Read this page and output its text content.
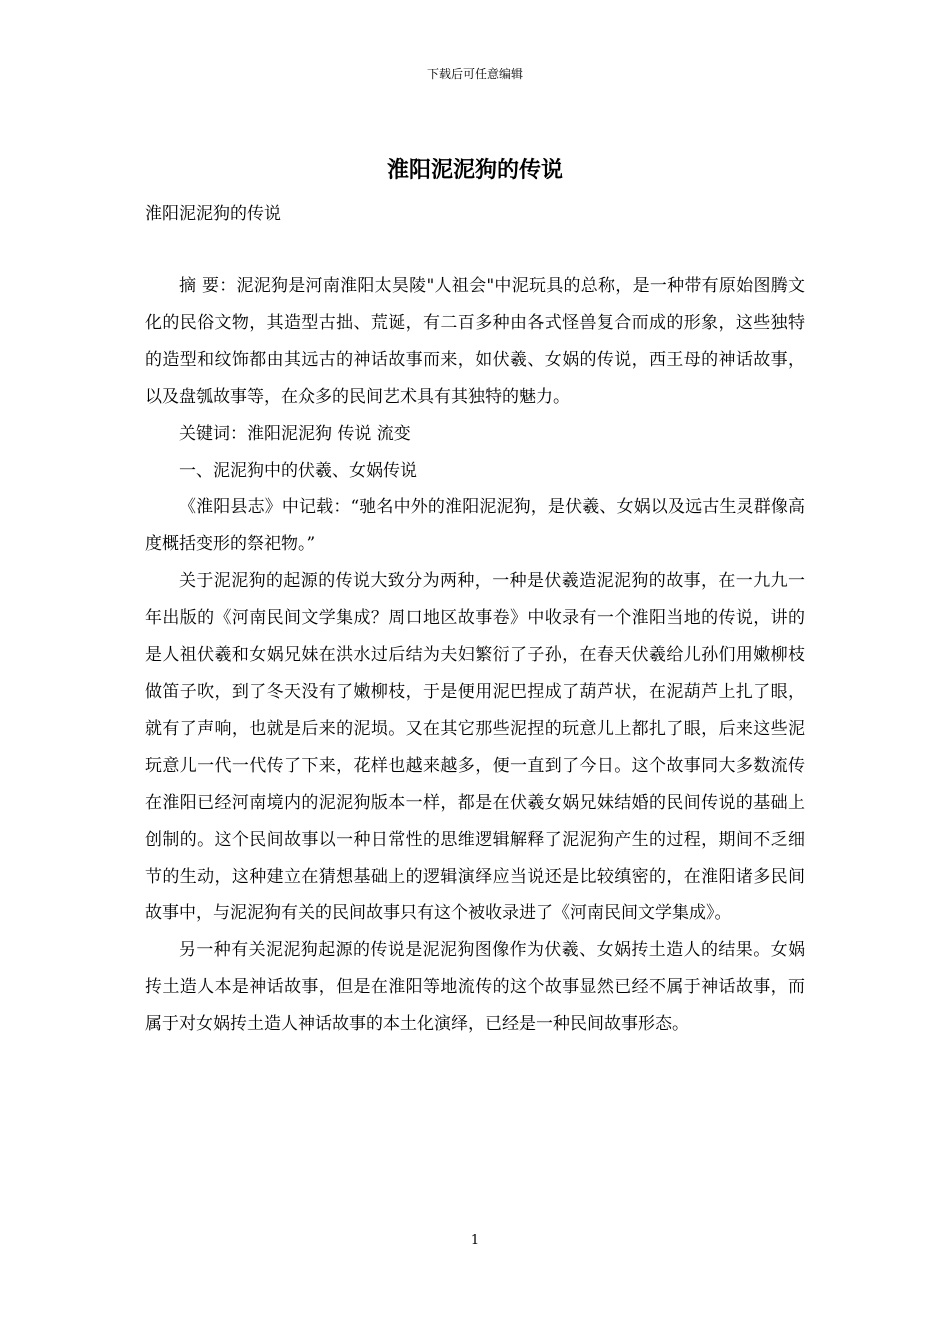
下载后可任意编辑
淮阳泥泥狗的传说
淮阳泥泥狗的传说

摘 要：泥泥狗是河南淮阳太昊陵"人祖会"中泥玩具的总称，是一种带有原始图腾文化的民俗文物，其造型古拙、荒诞，有二百多种由各式怪兽复合而成的形象，这些独特的造型和纹饰都由其远古的神话故事而来，如伏羲、女娲的传说，西王母的神话故事，以及盘瓠故事等，在众多的民间艺术具有其独特的魅力。

关键词：淮阳泥泥狗 传说 流变

一、泥泥狗中的伏羲、女娲传说

《淮阳县志》中记载：“驰名中外的淮阳泥泥狗，是伏羲、女娲以及远古生灵群像高度概括变形的祭祀物。”

关于泥泥狗的起源的传说大致分为两种，一种是伏羲造泥泥狗的故事，在一九九一年出版的《河南民间文学集成？周口地区故事卷》中收录有一个淮阳当地的传说，讲的是人祖伏羲和女娲兄妹在洪水过后结为夫妇繁衍了子孙，在春天伏羲给儿孙们用嫩柳枝做笛子吹，到了冬天没有了嫩柳枝，于是便用泥巴捏成了葫芦状，在泥葫芦上扎了眼，就有了声响，也就是后来的泥埙。又在其它那些泥捏的玩意儿上都扎了眼，后来这些泥玩意儿一代一代传了下来，花样也越来越多，便一直到了今日。这个故事同大多数流传在淮阳已经河南境内的泥泥狗版本一样，都是在伏羲女娲兄妹结婚的民间传说的基础上创制的。这个民间故事以一种日常性的思维逻辑解释了泥泥狗产生的过程，期间不乏细节的生动，这种建立在猜想基础上的逻辑演绎应当说还是比较缜密的，在淮阳诸多民间故事中，与泥泥狗有关的民间故事只有这个被收录进了《河南民间文学集成》。

另一种有关泥泥狗起源的传说是泥泥狗图像作为伏羲、女娲抟土造人的结果。女娲抟土造人本是神话故事，但是在淮阳等地流传的这个故事显然已经不属于神话故事，而属于对女娲抟土造人神话故事的本土化演绎，已经是一种民间故事形态。

1
